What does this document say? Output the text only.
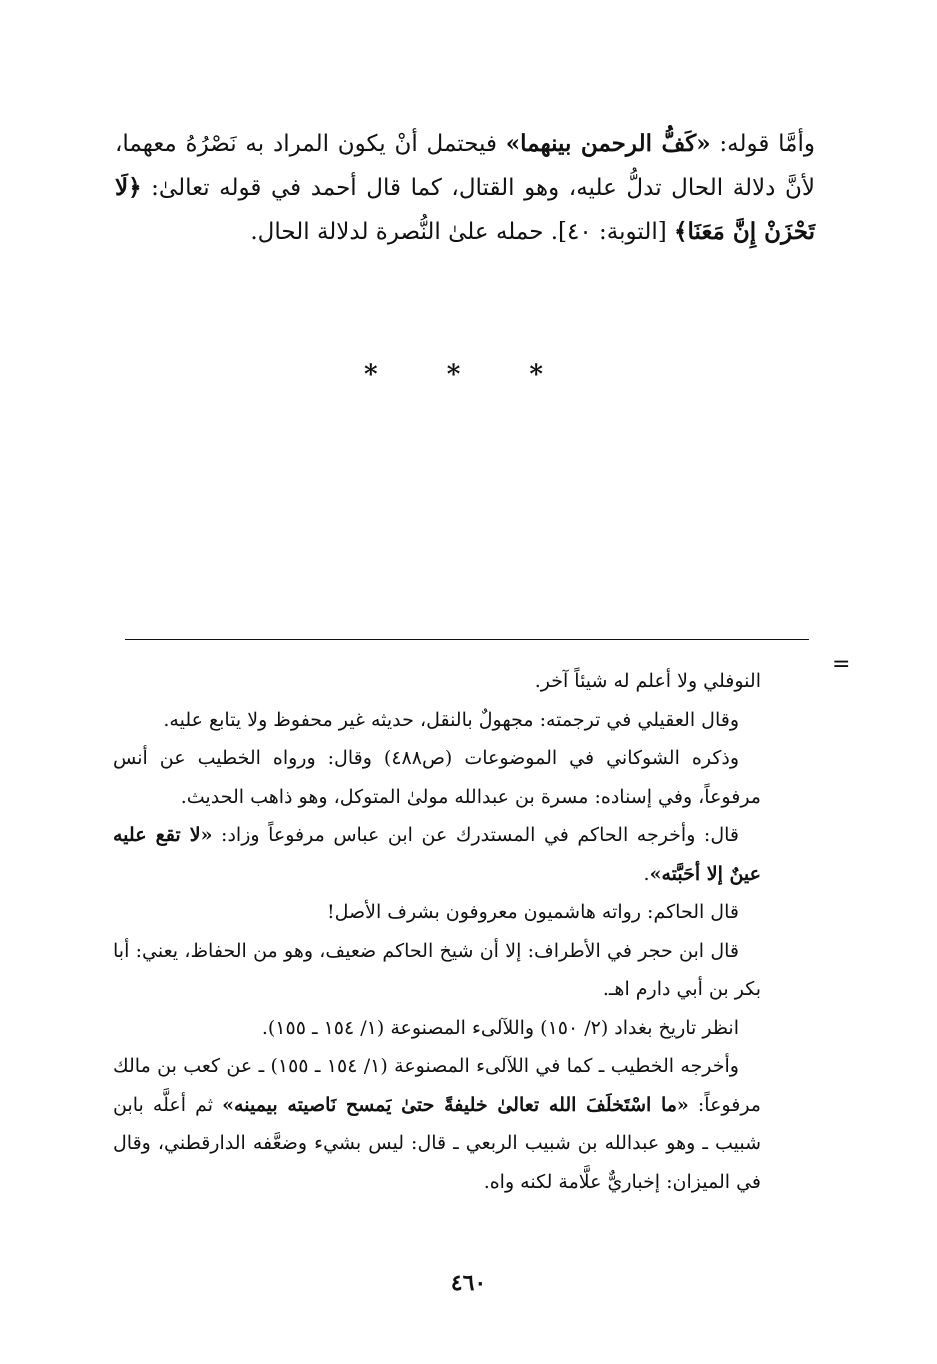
وأمَّا قوله: «كَفُّ الرحمن بينهما» فيحتمل أنْ يكون المراد به نَصْرُهُ معهما، لأنَّ دلالة الحال تدلُّ عليه، وهو القتال، كما قال أحمد في قوله تعالىٰ: ﴿لَا تَحْزَنْ إِنَّ مَعَنَا﴾ [التوبة: ٤٠]. حمله علىٰ النُّصرة لدلالة الحال.

* * *
=

النوفلي ولا أعلم له شيئاً آخر.

وقال العقيلي في ترجمته: مجهولٌ بالنقل، حديثه غير محفوظ ولا يتابع عليه.

وذكره الشوكاني في الموضوعات (ص٤٨٨) وقال: ورواه الخطيب عن أنس مرفوعاً، وفي إسناده: مسرة بن عبدالله مولىٰ المتوكل، وهو ذاهب الحديث.

قال: وأخرجه الحاكم في المستدرك عن ابن عباس مرفوعاً وزاد: «لا تقع عليه عينٌ إلا أحَبَّته».

قال الحاكم: رواته هاشميون معروفون بشرف الأصل!

قال ابن حجر في الأطراف: إلا أن شيخ الحاكم ضعيف، وهو من الحفاظ، يعني: أبا بكر بن أبي دارم اهـ.

انظر تاريخ بغداد (٢/ ١٥٠) واللآلىء المصنوعة (١/ ١٥٤ ـ ١٥٥).

وأخرجه الخطيب ـ كما في اللآلىء المصنوعة (١/ ١٥٤ ـ ١٥٥) ـ عن كعب بن مالك مرفوعاً: «ما اسْتَخلَفَ الله تعالىٰ خليفةً حتىٰ يَمسح نَاصيته بيمينه» ثم أعلَّه بابن شبيب ـ وهو عبدالله بن شبيب الربعي ـ قال: ليس بشيء وضعَّفه الدارقطني، وقال في الميزان: إخباريٌّ علَّامة لكنه واه.

٤٦٠
